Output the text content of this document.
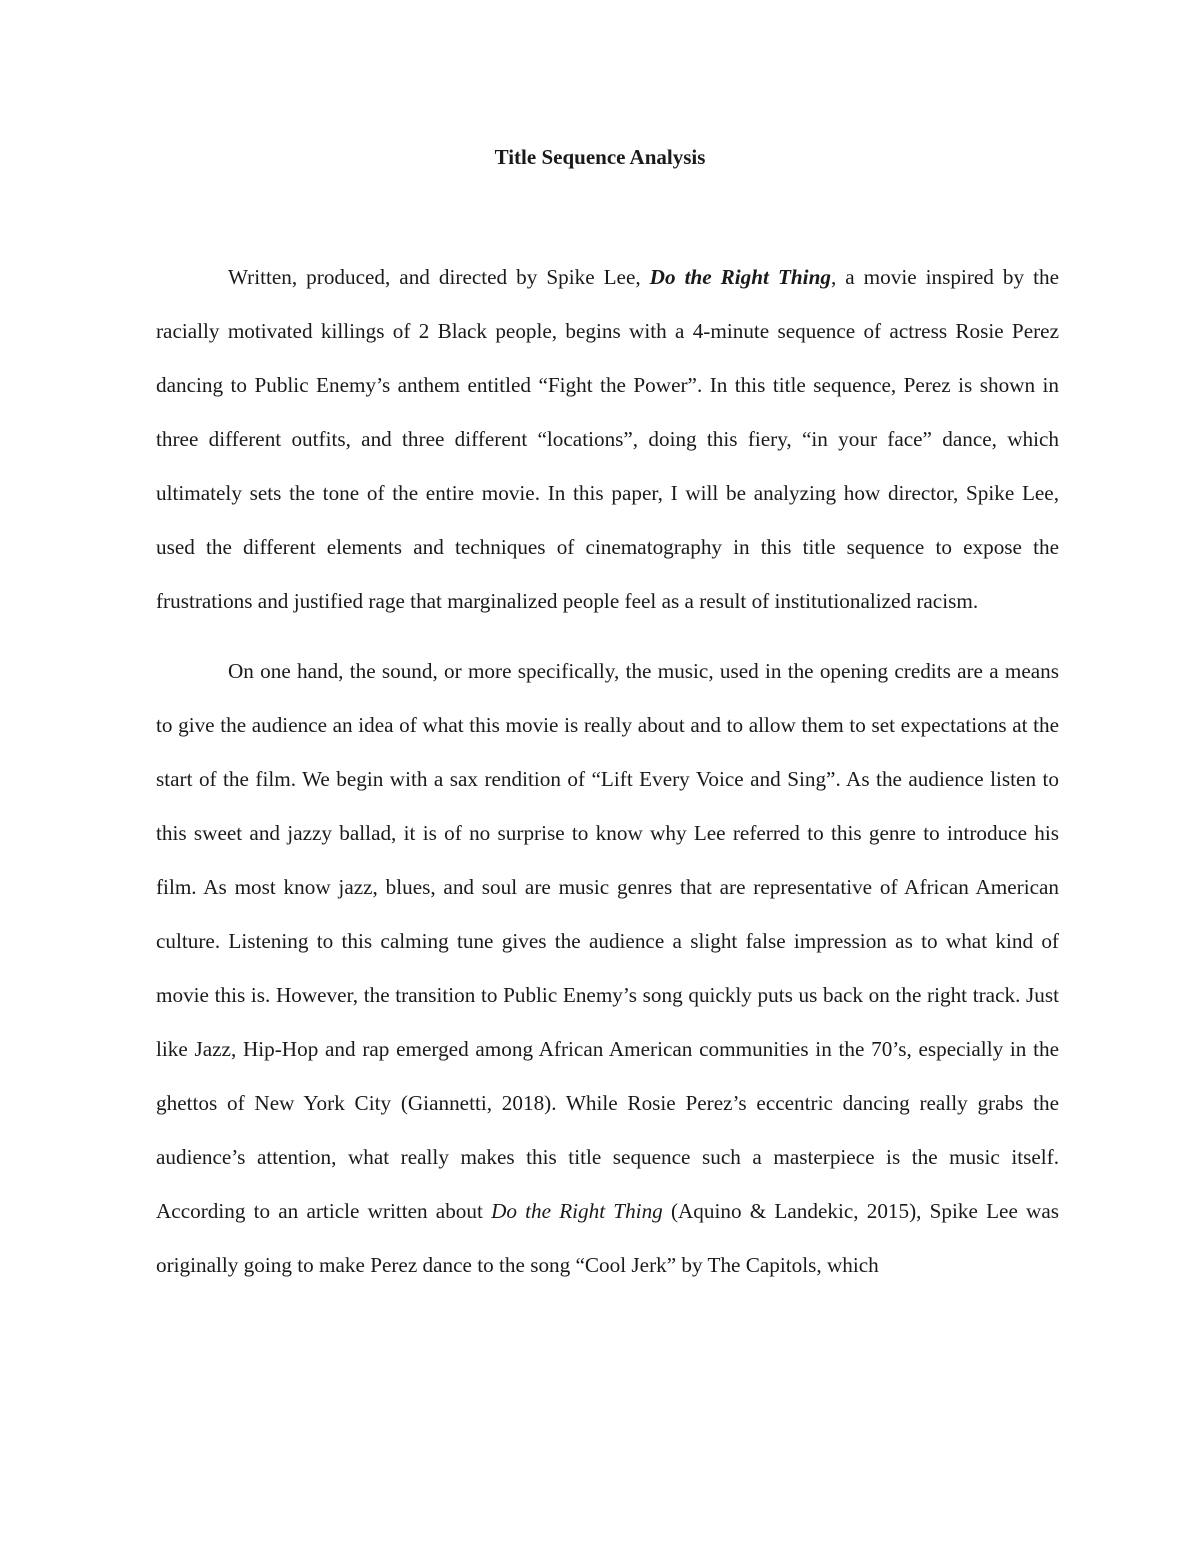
Title Sequence Analysis

Written, produced, and directed by Spike Lee, Do the Right Thing, a movie inspired by the racially motivated killings of 2 Black people, begins with a 4-minute sequence of actress Rosie Perez dancing to Public Enemy’s anthem entitled “Fight the Power”. In this title sequence, Perez is shown in three different outfits, and three different “locations”, doing this fiery, “in your face” dance, which ultimately sets the tone of the entire movie. In this paper, I will be analyzing how director, Spike Lee, used the different elements and techniques of cinematography in this title sequence to expose the frustrations and justified rage that marginalized people feel as a result of institutionalized racism.

On one hand, the sound, or more specifically, the music, used in the opening credits are a means to give the audience an idea of what this movie is really about and to allow them to set expectations at the start of the film. We begin with a sax rendition of “Lift Every Voice and Sing”. As the audience listen to this sweet and jazzy ballad, it is of no surprise to know why Lee referred to this genre to introduce his film. As most know jazz, blues, and soul are music genres that are representative of African American culture. Listening to this calming tune gives the audience a slight false impression as to what kind of movie this is. However, the transition to Public Enemy’s song quickly puts us back on the right track. Just like Jazz, Hip-Hop and rap emerged among African American communities in the 70’s, especially in the ghettos of New York City (Giannetti, 2018). While Rosie Perez’s eccentric dancing really grabs the audience’s attention, what really makes this title sequence such a masterpiece is the music itself. According to an article written about Do the Right Thing (Aquino & Landekic, 2015), Spike Lee was originally going to make Perez dance to the song “Cool Jerk” by The Capitols, which
